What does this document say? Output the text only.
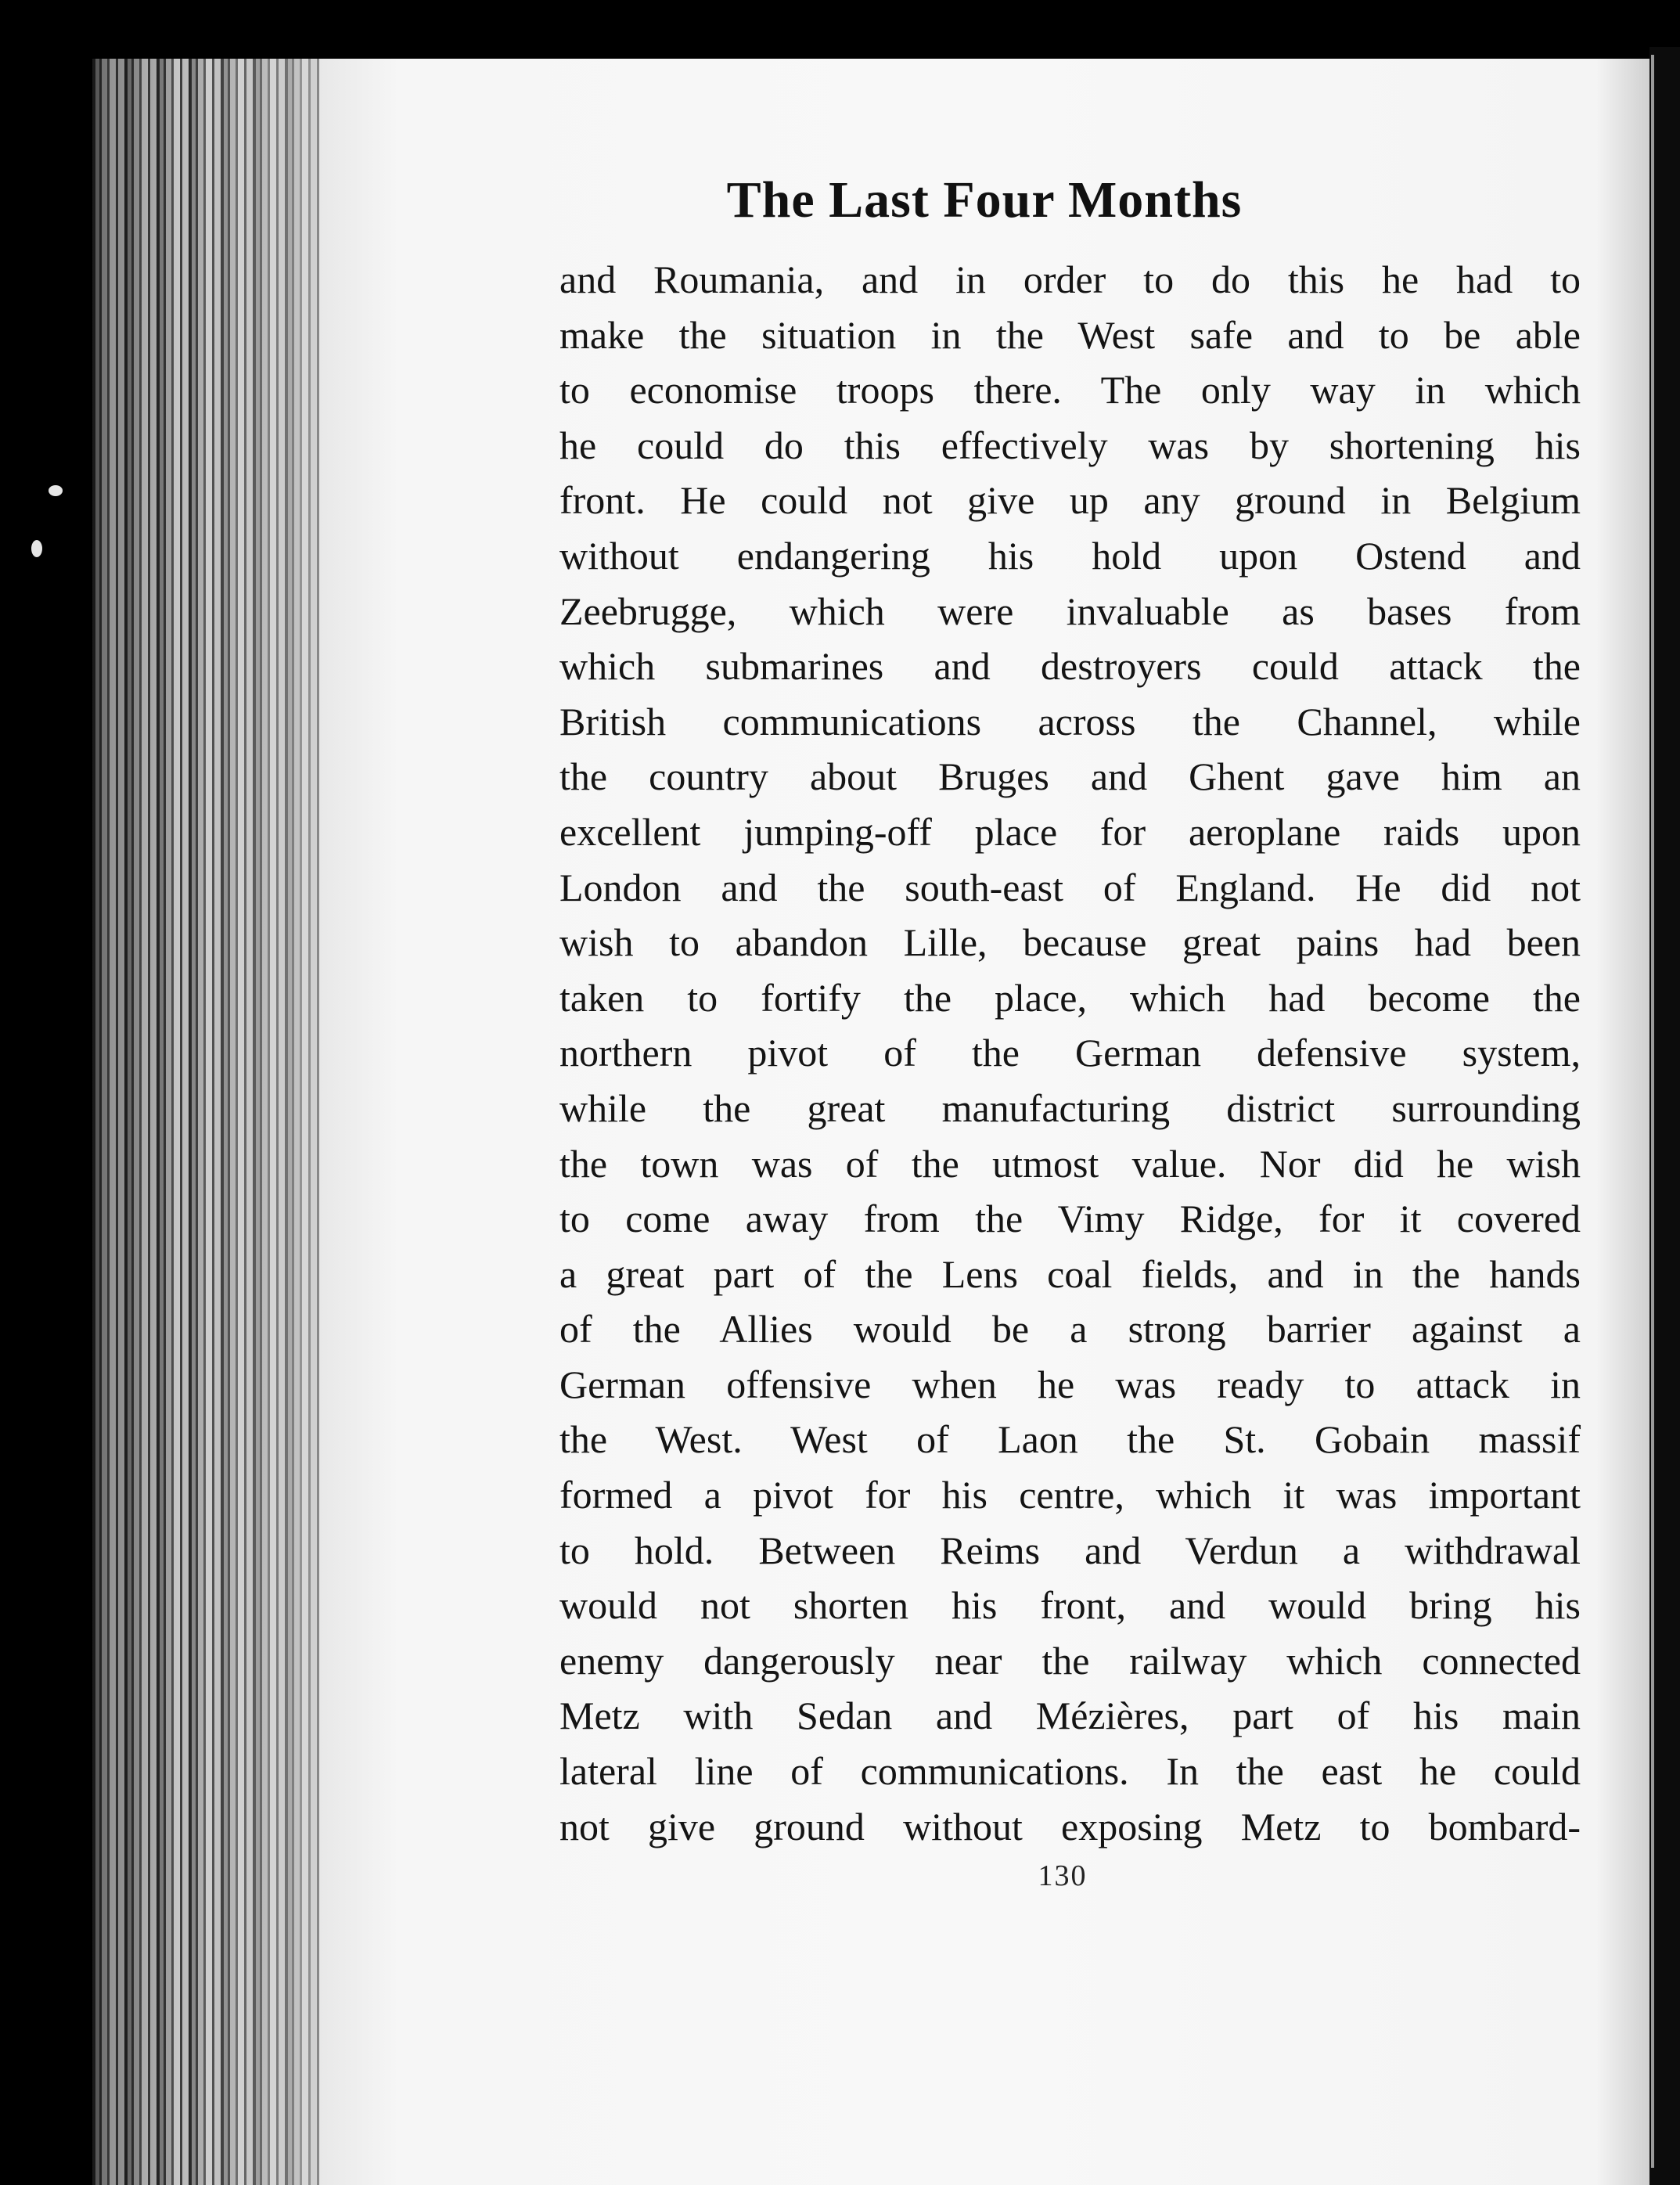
The Last Four Months
and Roumania, and in order to do this he had to
make the situation in the West safe and to be able
to economise troops there. The only way in which
he could do this effectively was by shortening his
front. He could not give up any ground in Belgium
without endangering his hold upon Ostend and
Zeebrugge, which were invaluable as bases from
which submarines and destroyers could attack the
British communications across the Channel, while
the country about Bruges and Ghent gave him an
excellent jumping-off place for aeroplane raids upon
London and the south-east of England. He did not
wish to abandon Lille, because great pains had been
taken to fortify the place, which had become the
northern pivot of the German defensive system,
while the great manufacturing district surrounding
the town was of the utmost value. Nor did he wish
to come away from the Vimy Ridge, for it covered
a great part of the Lens coal fields, and in the hands
of the Allies would be a strong barrier against a
German offensive when he was ready to attack in
the West. West of Laon the St. Gobain massif
formed a pivot for his centre, which it was important
to hold. Between Reims and Verdun a withdrawal
would not shorten his front, and would bring his
enemy dangerously near the railway which connected
Metz with Sedan and Mézières, part of his main
lateral line of communications. In the east he could
not give ground without exposing Metz to bombard-
130
